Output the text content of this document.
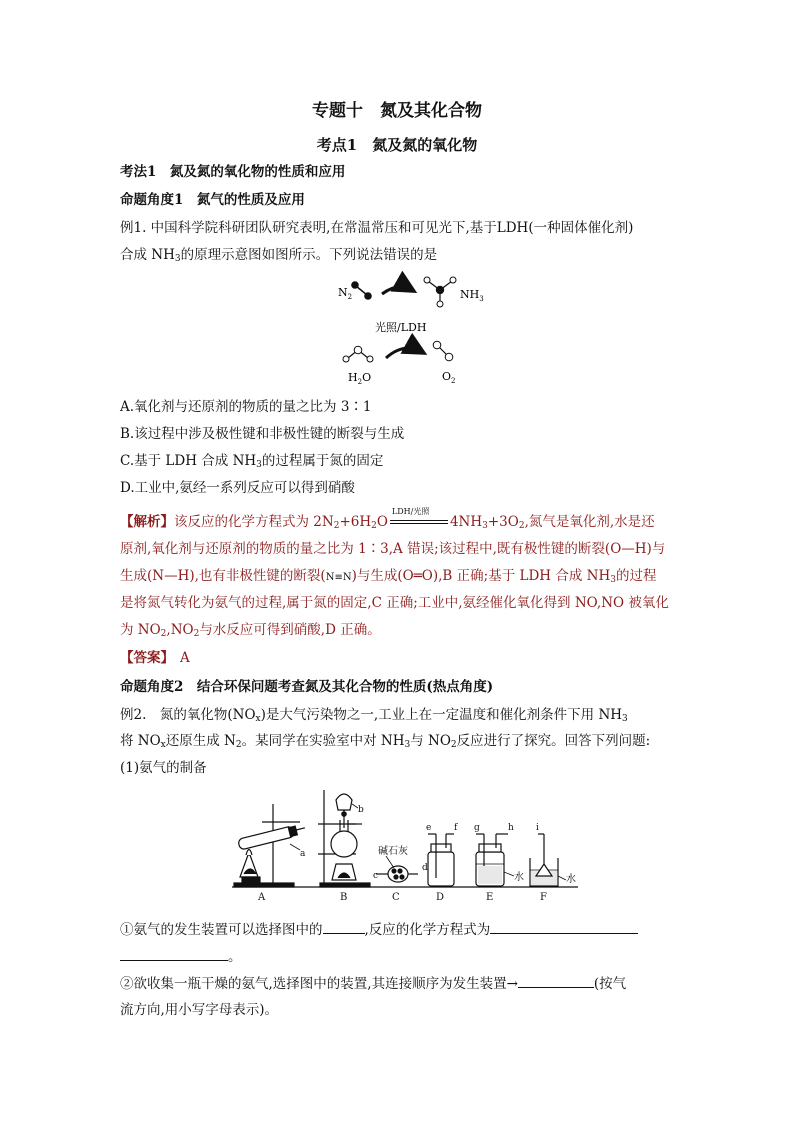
专题十　氮及其化合物
考点1　氮及氮的氧化物
考法1　氮及氮的氧化物的性质和应用
命题角度1　氮气的性质及应用
例1. 中国科学院科研团队研究表明,在常温常压和可见光下,基于LDH(一种固体催化剂)
合成 $NH_3$的原理示意图如图所示。下列说法错误的是
$N_2$	$NH_3$
光照/LDH
$H_2O$	$O_2$
A.氧化剂与还原剂的物质的量之比为 3∶1
B.该过程中涉及极性键和非极性键的断裂与生成
C.基于 LDH 合成 $NH_3$的过程属于氮的固定
D.工业中,氨经一系列反应可以得到硝酸
【解析】该反应的化学方程式为 $2N_2+6H_2O$
LDH/光照
$4NH_3+3O_2$,氮气是氧化剂,水是还
原剂,氧化剂与还原剂的物质的量之比为 1∶3,A 错误;该过程中,既有极性键的断裂(O—H)与
生成(N—H),也有非极性键的断裂(N≡N)与生成(O═O),B 正确;基于 LDH 合成 $NH_3$的过程
是将氮气转化为氨气的过程,属于氮的固定,C 正确;工业中,氨经催化氧化得到 NO,NO 被氧化
为 $NO_2,NO_2$与水反应可得到硝酸,D 正确。
【答案】 A
命题角度2　结合环保问题考查氮及其化合物的性质(热点角度)
例2.　氮的氧化物$(NO_x)$是大气污染物之一,工业上在一定温度和催化剂条件下用 $NH_3$
将 $NO_x$还原生成 $N_2$。某同学在实验室中对 $NH_3$与 $NO_2$反应进行了探究。回答下列问题:
(1)氨气的制备
A	B	C	D	E	F
a
b
c
d
e	f g	h i
碱石灰
水	水
①氨气的发生装置可以选择图中的	,反应的化学方程式为
。
②欲收集一瓶干燥的氨气,选择图中的装置,其连接顺序为发生装置→	(按气
流方向,用小写字母表示)。
